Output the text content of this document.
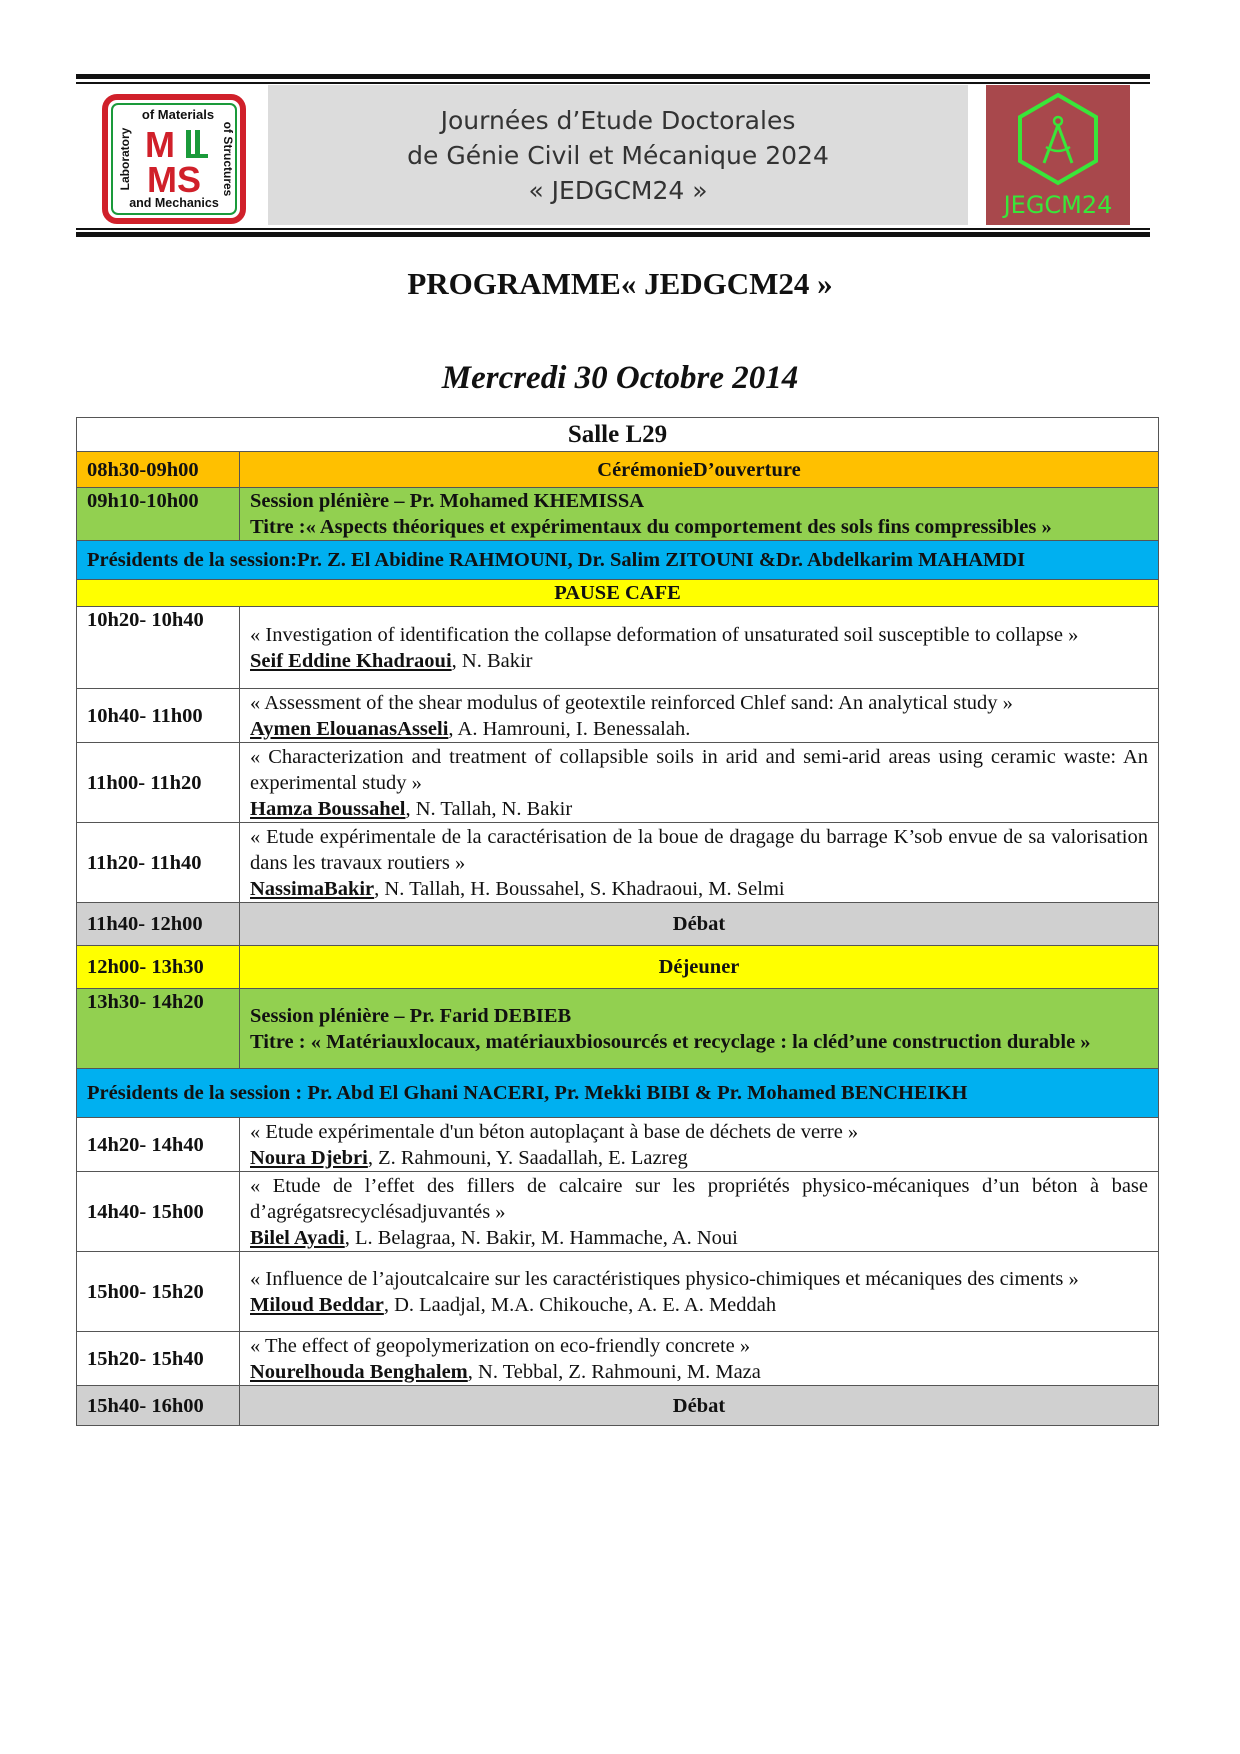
of Materials
and Mechanics
Laboratory	of Structures
M
MS
Journées d’Etude Doctorales
de Génie Civil et Mécanique 2024
« JEDGCM24 »
JEGCM24
PROGRAMME« JEDGCM24 »
Mercredi 30 Octobre 2014
Salle L29	
08h30-09h00	CérémonieD’ouverture
09h10-10h00	Session plénière – Pr. Mohamed KHEMISSA
Titre :« Aspects théoriques et expérimentaux du comportement des sols fins compressibles »

Présidents de la session:Pr. Z. El Abidine RAHMOUNI, Dr. Salim ZITOUNI &Dr. Abdelkarim MAHAMDI	
PAUSE CAFE	
10h20- 10h40	« Investigation of identification the collapse deformation of unsaturated soil susceptible to collapse »
Seif Eddine Khadraoui, N. Bakir

10h40- 11h00	« Assessment of the shear modulus of geotextile reinforced Chlef sand: An analytical study »
Aymen ElouanasAsseli, A. Hamrouni, I. Benessalah.

11h00- 11h20	« Characterization and treatment of collapsible soils in arid and semi-arid areas using ceramic waste: An experimental study »
Hamza Boussahel, N. Tallah, N. Bakir

11h20- 11h40	« Etude expérimentale de la caractérisation de la boue de dragage du barrage K’sob envue de sa valorisation dans les travaux routiers »
NassimaBakir, N. Tallah, H. Boussahel, S. Khadraoui, M. Selmi

11h40- 12h00	Débat
12h00- 13h30	Déjeuner
13h30- 14h20	Session plénière – Pr. Farid DEBIEB
Titre : « Matériauxlocaux, matériauxbiosourcés et recyclage : la cléd’une construction durable »

Présidents de la session : Pr. Abd El Ghani NACERI, Pr. Mekki BIBI & Pr. Mohamed BENCHEIKH	
14h20- 14h40	« Etude expérimentale d'un béton autoplaçant à base de déchets de verre »
Noura Djebri, Z. Rahmouni, Y. Saadallah, E. Lazreg

14h40- 15h00	« Etude de l’effet des fillers de calcaire sur les propriétés physico-mécaniques d’un béton à base d’agrégatsrecyclésadjuvantés »
Bilel Ayadi, L. Belagraa, N. Bakir, M. Hammache, A. Noui

15h00- 15h20	« Influence de l’ajoutcalcaire sur les caractéristiques physico-chimiques et mécaniques des ciments »
Miloud Beddar, D. Laadjal, M.A. Chikouche, A. E. A. Meddah

15h20- 15h40	« The effect of geopolymerization on eco-friendly concrete »
Nourelhouda Benghalem, N. Tebbal, Z. Rahmouni, M. Maza

15h40- 16h00	Débat
